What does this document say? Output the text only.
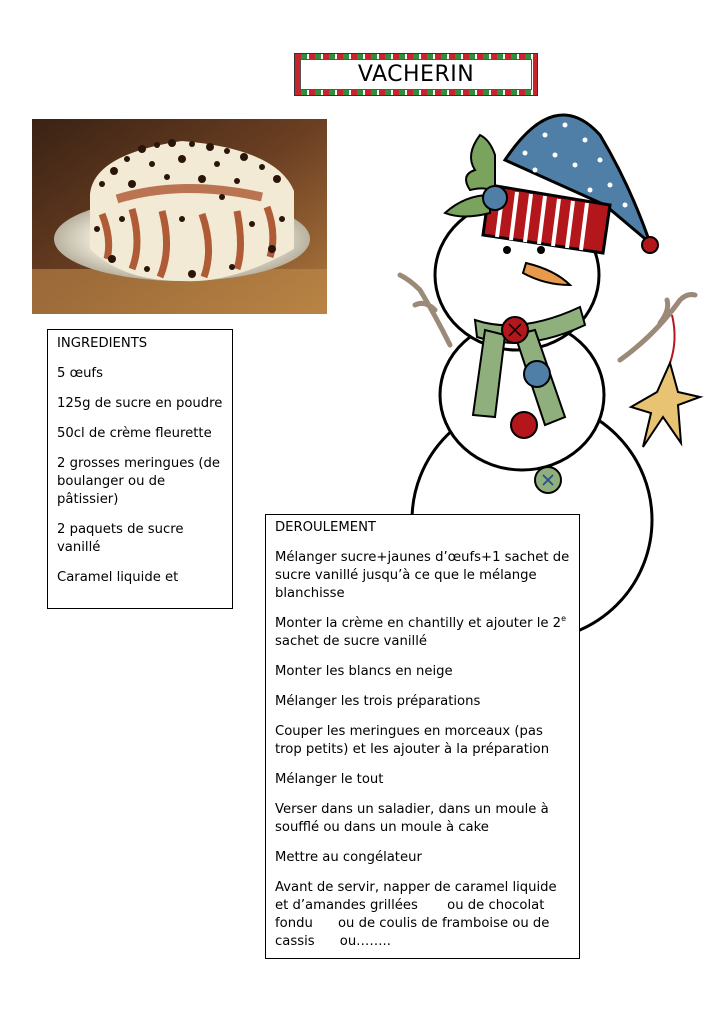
VACHERIN

INGREDIENTS

5 œufs

125g de sucre en poudre

50cl de crème fleurette

2 grosses meringues (de boulanger ou de pâtissier)

2 paquets de sucre vanillé

Caramel liquide et

DEROULEMENT

Mélanger sucre+jaunes d’œufs+1 sachet de sucre vanillé jusqu’à ce que le mélange blanchisse

Monter la crème en chantilly et ajouter le 2e sachet de sucre vanillé

Monter les blancs en neige

Mélanger les trois préparations

Couper les meringues en morceaux (pas trop petits) et les ajouter à la préparation

Mélanger le tout

Verser dans un saladier, dans un moule à soufflé ou dans un moule à cake

Mettre au congélateur

Avant de servir, napper de caramel liquide et d’amandes grillées       ou de chocolat fondu      ou de coulis de framboise ou de cassis      ou……..
